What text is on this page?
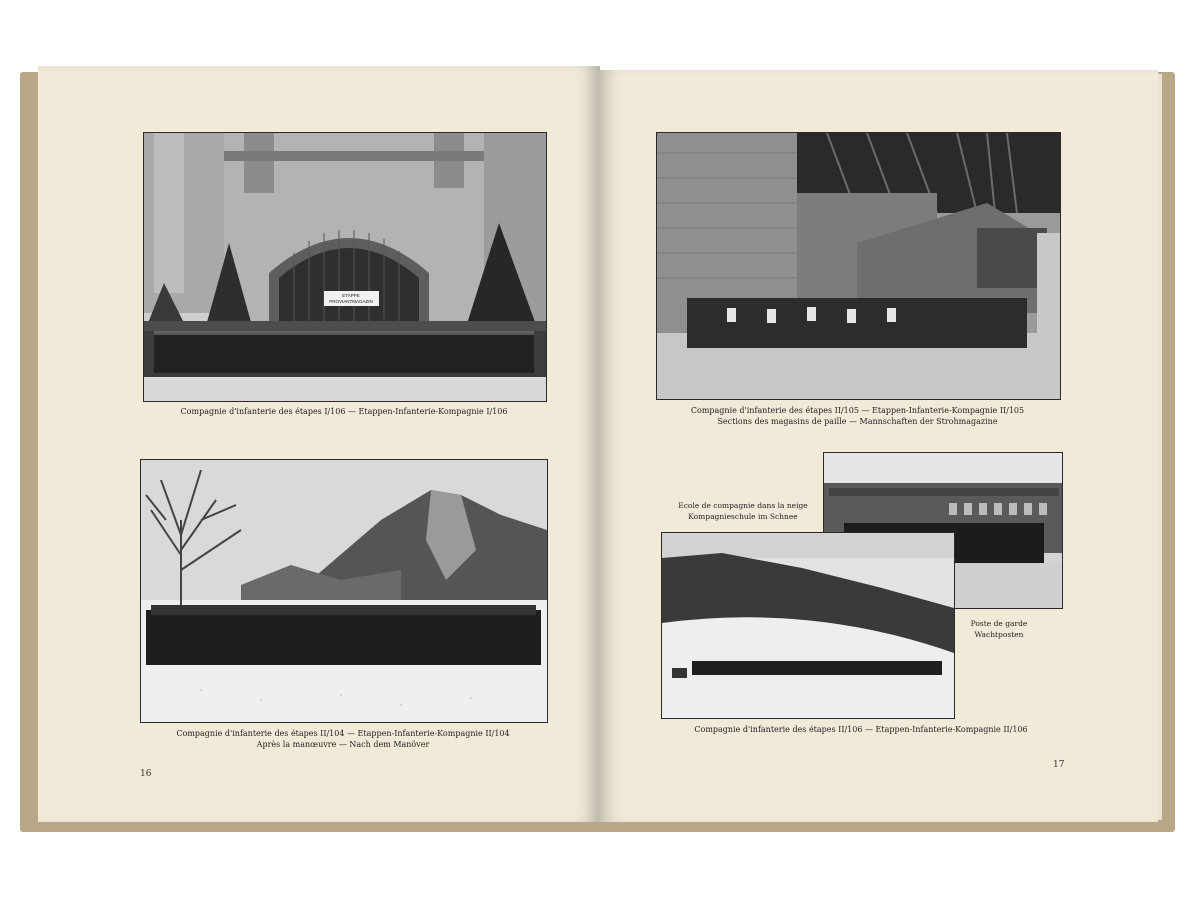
ETAPPE
PROVIANTMAGAZIN
Compagnie d'infanterie des étapes I/106 — Etappen-Infanterie-Kompagnie I/106
Compagnie d'infanterie des étapes II/104 — Etappen-Infanterie-Kompagnie II/104
Après la manœuvre — Nach dem Manöver
16
Compagnie d'infanterie des étapes II/105 — Etappen-Infanterie-Kompagnie II/105
Sections des magasins de paille — Mannschaften der Strohmagazine
Ecole de compagnie dans la neige
Kompagnieschule im Schnee
Poste de garde
Wachtposten
Compagnie d'infanterie des étapes II/106 — Etappen-Infanterie-Kompagnie II/106
17
